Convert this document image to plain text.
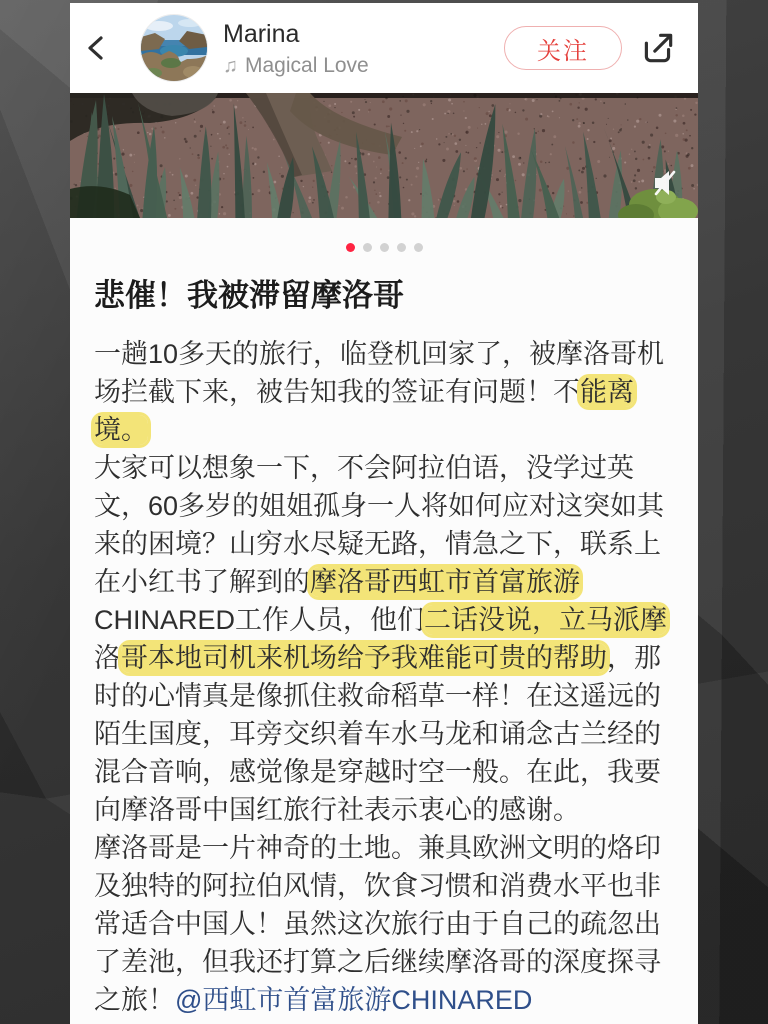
Marina
♫ Magical Love
关注
悲催！我被滞留摩洛哥
一趟10多天的旅行，临登机回家了，被摩洛哥机
场拦截下来，被告知我的签证有问题！不能离
境。
大家可以想象一下，不会阿拉伯语，没学过英
文，60多岁的姐姐孤身一人将如何应对这突如其
来的困境？山穷水尽疑无路，情急之下，联系上
在小红书了解到的摩洛哥西虹市首富旅游
CHINARED工作人员，他们二话没说，立马派摩
洛哥本地司机来机场给予我难能可贵的帮助，那
时的心情真是像抓住救命稻草一样！在这遥远的
陌生国度，耳旁交织着车水马龙和诵念古兰经的
混合音响，感觉像是穿越时空一般。在此，我要
向摩洛哥中国红旅行社表示衷心的感谢。
摩洛哥是一片神奇的土地。兼具欧洲文明的烙印
及独特的阿拉伯风情，饮食习惯和消费水平也非
常适合中国人！虽然这次旅行由于自己的疏忽出
了差池，但我还打算之后继续摩洛哥的深度探寻
之旅！@西虹市首富旅游CHINARED
